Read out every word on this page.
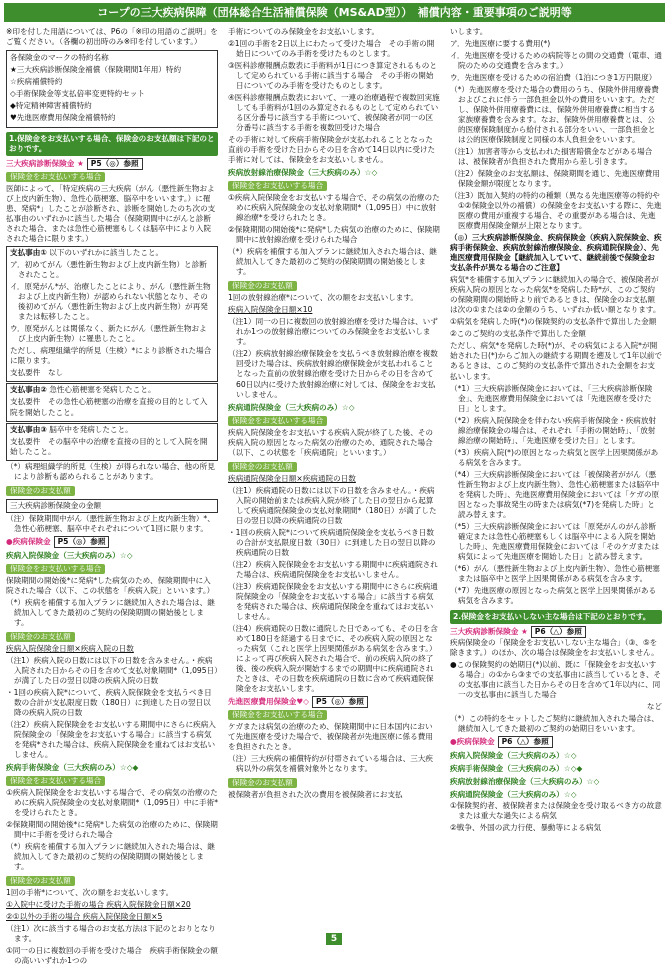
コープの三大疾病保障（団体総合生活補償保険（MS&AD型））　補償内容・重要事項のご説明等

※印を付した用語については、P6の「※印の用語のご説明」をご覧ください。（各欄の初出時のみ※印を付しています。）

各保険金のマークの特約名称

★三大疾病診断保険金補償（保険期間1年用）特約

☆疾病補償特約

◇手術保険金等支払倍率変更特約セット

◆特定精神障害補償特約

♥先進医療費用保険金補償特約

1.保険金をお支払いする場合、保険金のお支払額は下記のとおりです。
三大疾病診断保険金 ★ P5（◎）参照
保険金をお支払いする場合

医師によって、「特定疾病の三大疾病（がん（悪性新生物および上皮内新生物）、急性心筋梗塞、脳卒中をいいます。）に罹患、発病*」したことが診断され、診断を開始したのち次の支払事由のいずれかに該当した場合（保険期間中にがんと診断された場合、または急性心筋梗塞もしくは脳卒中により入院された場合に限ります。）

支払事由① 以下のいずれかに該当したこと。

ア．初めてがん（悪性新生物および上皮内新生物）と診断されたこと。

イ．原発がん*が、治療したことにより、がん（悪性新生物および上皮内新生物）が認められない状態となり、その後初めてがん（悪性新生物および上皮内新生物）が再発または転移したこと。

ウ．原発がんとは関係なく、新たにがん（悪性新生物および上皮内新生物）に罹患したこと。

ただし、病理組織学的所見（生検）*により診断された場合に限ります。

支払要件　なし

支払事由② 急性心筋梗塞を発病したこと。

支払要件　その急性心筋梗塞の治療を直接の目的として入院を開始したこと。

支払事由③ 脳卒中を発病したこと。

支払要件　その脳卒中の治療を直接の目的として入院を開始したこと。

（*）病理組織学的所見（生検）が得られない場合、他の所見により診断も認められることがあります。

保険金のお支払額

三大疾病診断保険金の金額

（注）保険期間中がん（悪性新生物および上皮内新生物）*、急性心筋梗塞、脳卒中それぞれについて1回に限ります。

●疾病保険金 P5（◎）参照

疾病入院保険金（三大疾病のみ）☆◇

保険金をお支払いする場合

保険期間の開始後*に発病*した病気のため、保険期間中に入院された場合（以下、この状態を「疾病入院」といいます。）

（*）疾病を補償する加入プランに継続加入された場合は、継続加入してきた最初のご契約の保険期間の開始後とします。

保険金のお支払額

疾病入院保険金日額×疾病入院の日数

（注1）疾病入院の日数には以下の日数を含みません。・疾病入院された日からその日を含めて支払対象期間*（1,095日）が満了した日の翌日以降の疾病入院の日数

・1回の疾病入院*について、疾病入院保険金を支払うべき日数の合計が支払限度日数（180日）に到達した日の翌日以降の疾病入院の日数

（注2）疾病入院保険金をお支払いする期間中にさらに疾病入院保険金の「保険金をお支払いする場合」に該当する病気を発病*された場合は、疾病入院保険金を重ねてはお支払いしません。

疾病手術保険金（三大疾病のみ）☆◇◆

保険金をお支払いする場合

①疾病入院保険金をお支払いする場合で、その病気の治療のために疾病入院保険金の支払対象期間*（1,095日）中に手術*を受けられたとき。

②保険期間の開始後*に発病*した病気の治療のために、保険期間中に手術を受けられた場合

（*）疾病を補償する加入プランに継続加入された場合は、継続加入してきた最初のご契約の保険期間の開始後とします。

保険金のお支払額

1回の手術*について、次の額をお支払いします。

①入院中に受けた手術の場合 疾病入院保険金日額×20

②①以外の手術の場合 疾病入院保険金日額×5

（注1）次に該当する場合のお支払方法は下記のとおりとなります。

①同一の日に複数回の手術を受けた場合　疾病手術保険金の額の高いいずれか1つの

手術についてのみ保険金をお支払いします。

②1回の手術を2日以上にわたって受けた場合　その手術の開始日についてのみ手術を受けたものとします。

③医科診療報酬点数表に手術料が1日につき算定されるものとして定められている手術に該当する場合　その手術の開始日についてのみ手術を受けたものとします。

④医科診療報酬点数表において、一連の治療過程で複数回実施しても手術料が1回のみ算定されるものとして定められている区分番号に該当する手術について、被保険者が同一の区分番号に該当する手術を複数回受けた場合

その手術に対して疾病手術保険金が支払われることとなった直前の手術を受けた日からその日を含めて14日以内に受けた手術に対しては、保険金をお支払いしません。

疾病放射線治療保険金（三大疾病のみ）☆◇

保険金をお支払いする場合

①疾病入院保険金をお支払いする場合で、その病気の治療のために疾病入院保険金の支払対象期間*（1,095日）中に放射線治療*を受けられたとき。

②保険期間の開始後*に発病*した病気の治療のために、保険期間中に放射線治療を受けられた場合

（*）疾病を補償する加入プランに継続加入された場合は、継続加入してきた最初のご契約の保険期間の開始後とします。

保険金のお支払額

1回の放射線治療*について、次の額をお支払いします。

疾病入院保険金日額×10

（注1）同一の日に複数回の放射線治療を受けた場合は、いずれか1つの放射線治療についてのみ保険金をお支払いします。

（注2）疾病放射線治療保険金を支払うべき放射線治療を複数回受けた場合は、疾病放射線治療保険金が支払われることとなった直前の放射線治療を受けた日からその日を含めて60日以内に受けた放射線治療に対しては、保険金をお支払いしません。

疾病通院保険金（三大疾病のみ）☆◇

保険金をお支払いする場合

疾病入院保険金をお支払いする疾病入院が終了した後、その疾病入院の原因となった病気の治療のため、通院された場合（以下、この状態を「疾病通院」といいます。）

保険金のお支払額

疾病通院保険金日額×疾病通院の日数

（注1）疾病通院の日数には以下の日数を含みません。・疾病入院の開始前または疾病入院が終了した日の翌日から起算して疾病通院保険金の支払対象期間*（180日）が満了した日の翌日以降の疾病通院の日数

・1回の疾病入院*について疾病通院保険金を支払うべき日数の合計が支払限度日数（30日）に到達した日の翌日以降の疾病通院の日数

（注2）疾病入院保険金をお支払いする期間中に疾病通院された場合は、疾病通院保険金をお支払いしません。

（注3）疾病通院保険金をお支払いする期間中にさらに疾病通院保険金の「保険金をお支払いする場合」に該当する病気を発病された場合は、疾病通院保険金を重ねてはお支払いしません。

（注4）疾病通院の日数に通院した日であっても、その日を含めて180日を経過する日までに、その疾病入院の原因となった病気（これと医学上因果関係がある病気を含みます。）によって再び疾病入院された場合で、前の疾病入院の終了後、後の疾病入院が開始するまでの期間中に疾病通院されたときは、その日数を疾病通院の日数に含めて疾病通院保険金をお支払いします。

先進医療費用保険金♥◇ P5（◎）参照
保険金をお支払いする場合

ケガまたは病気の治療のため、保険期間中に日本国内において先進医療を受けた場合で、被保険者が先進医療に係る費用を負担されたとき。

（注）三大疾病の補償特約が付帯されている場合は、三大疾病以外の病気を補償対象外となります。

保険金のお支払額

被保険者が負担された次の費用を被保険者にお支払

いします。

ア．先進医療に要する費用(*)

イ．先進医療を受けるための病院等との間の交通費（電車、通院のための交通費を含みます。）

ウ．先進医療を受けるための宿泊費（1泊につき1万円限度）

（*）先進医療を受けた場合の費用のうち、保険外併用療養費およびこれに伴う一部負担金以外の費用をいいます。ただし、保険外併用療養費には、保険外併用療養費に相当する家族療養費を含みます。なお、保険外併用療養費とは、公的医療保険制度から給付される部分をいい、一部負担金とは公的医療保険制度と同様の本人負担金をいいます。

（注1）加害者等から支払われた損害賠償金などがある場合は、被保険者が負担された費用から差し引きます。

（注2）保険金のお支払額は、保険期間を通じ、先進医療費用保険金額が限度となります。

（注3）既加入契約の特約の種類（異なる先進医療等の特約や①②保険金以外の補償）の保険金をお支払いする際に、先進医療の費用が重複する場合、その重要がある場合は、先進医療費用保険金額が上限となります。

（◎）三大疾病診断保険金、疾病保険金（疾病入院保険金、疾病手術保険金、疾病放射線治療保険金、疾病通院保険金）、先進医療費用保険金【継続加入していて、継続前後で保険金お支払条件が異なる場合のご注意】

病気*を補償する加入プランに継続加入の場合で、被保険者が疾病入院の原因となった病気*を発病した時*が、このご契約の保険期間の開始時より前であるときは、保険金のお支払額は次の①または②の金額のうち、いずれか低い額となります。

①病気を発病した時(*)の保険契約の支払条件で算出した金額

②このご契約の支払条件で算出した金額

ただし、病気*を発病した時(*)が、その病気による入院*が開始された日(*)からご加入の継続する期間を遡及して1年以前であるときは、このご契約の支払条件で算出された金額をお支払いします。

（*1）三大疾病診断保険金においては、「三大疾病診断保険金」、先進医療費用保険金においては「先進医療を受けた日」とします。

（*2）疾病入院保険金を伴わない疾病手術保険金・疾病放射線治療保険金の場合は、それぞれ「手術の開始時」、「放射線治療の開始時」、「先進医療を受けた日」とします。

（*3）疾病入院(*)の原因となった病気と医学上因果関係がある病気を含みます。

（*4）三大疾病診断保険金においては「被保険者ががん（悪性新生物および上皮内新生物）、急性心筋梗塞または脳卒中を発病した時」、先進医療費用保険金においては「ケガの原因となった事故発生の時または病気(*7)を発病した時」と読み替えます。

（*5）三大疾病診断保険金においては「原発がんのがん診断確定または急性心筋梗塞もしくは脳卒中による入院を開始した時」、先進医療費用保険金においては「そのケガまたは病気によって先進医療を開始した日」と読み替えます。

（*6）がん（悪性新生物および上皮内新生物）、急性心筋梗塞または脳卒中と医学上因果関係がある病気を含みます。

（*7）先進医療の原因となった病気と医学上因果関係がある病気を含みます。

2.保険金をお支払いしない主な場合は下記のとおりです。
三大疾病診断保険金 ★ P6（△）参照

疾病保険金の「保険金をお支払いしない主な場合」（③、⑤を除きます。）のほか、次の場合は保険金をお支払いしません。

●この保険契約の始期日(*)以前、既に「保険金をお支払いする場合」の①から③までの支払事由に該当しているとき、その支払事由に該当した日からその日を含めて1年以内に、同一の支払事由に該当した場合

など

（*）この特約をセットしたご契約に継続加入された場合は、継続加入してきた最初のご契約の始期日をいいます。

●疾病保険金 P6（△）参照

疾病入院保険金（三大疾病のみ）☆◇

疾病手術保険金（三大疾病のみ）☆◇◆

疾病放射線治療保険金（三大疾病のみ）☆◇

疾病通院保険金（三大疾病のみ）☆◇

①保険契約者、被保険者または保険金を受け取るべき方の故意または重大な過失による病気

②戦争、外国の武力行使、暴動等による病気

5
